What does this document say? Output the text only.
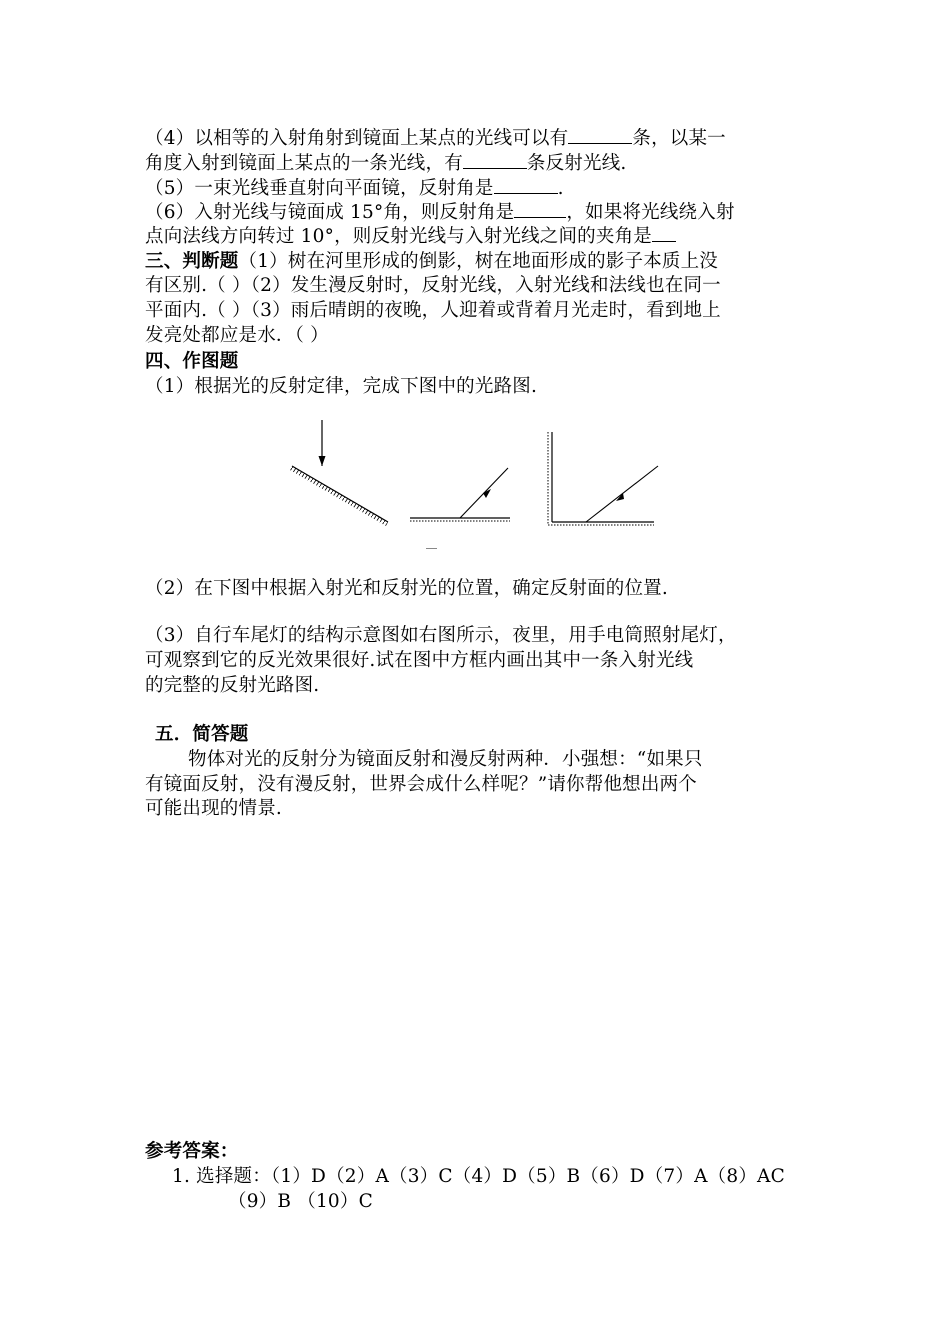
（4）以相等的入射角射到镜面上某点的光线可以有	条，以某一
角度入射到镜面上某点的一条光线，有	条反射光线.
（5）一束光线垂直射向平面镜，反射角是	.
（6）入射光线与镜面成 15°角，则反射角是	，如果将光线绕入射
点向法线方向转过 10°，则反射光线与入射光线之间的夹角是
三、判断题（1）树在河里形成的倒影，树在地面形成的影子本质上没
有区别.（ ）（2）发生漫反射时，反射光线，入射光线和法线也在同一
平面内.（ ）（3）雨后晴朗的夜晚，人迎着或背着月光走时，看到地上
发亮处都应是水．（ ）
四、作图题
（1）根据光的反射定律，完成下图中的光路图.
（2）在下图中根据入射光和反射光的位置，确定反射面的位置.
（3）自行车尾灯的结构示意图如右图所示，夜里，用手电筒照射尾灯，
可观察到它的反光效果很好.试在图中方框内画出其中一条入射光线
的完整的反射光路图.
五．简答题
物体对光的反射分为镜面反射和漫反射两种．小强想：“如果只
有镜面反射，没有漫反射，世界会成什么样呢？”请你帮他想出两个
可能出现的情景.
参考答案：
1. 选择题：（1）D（2）A（3）C（4）D（5）B（6）D（7）A（8）AC
（9）B （10）C
